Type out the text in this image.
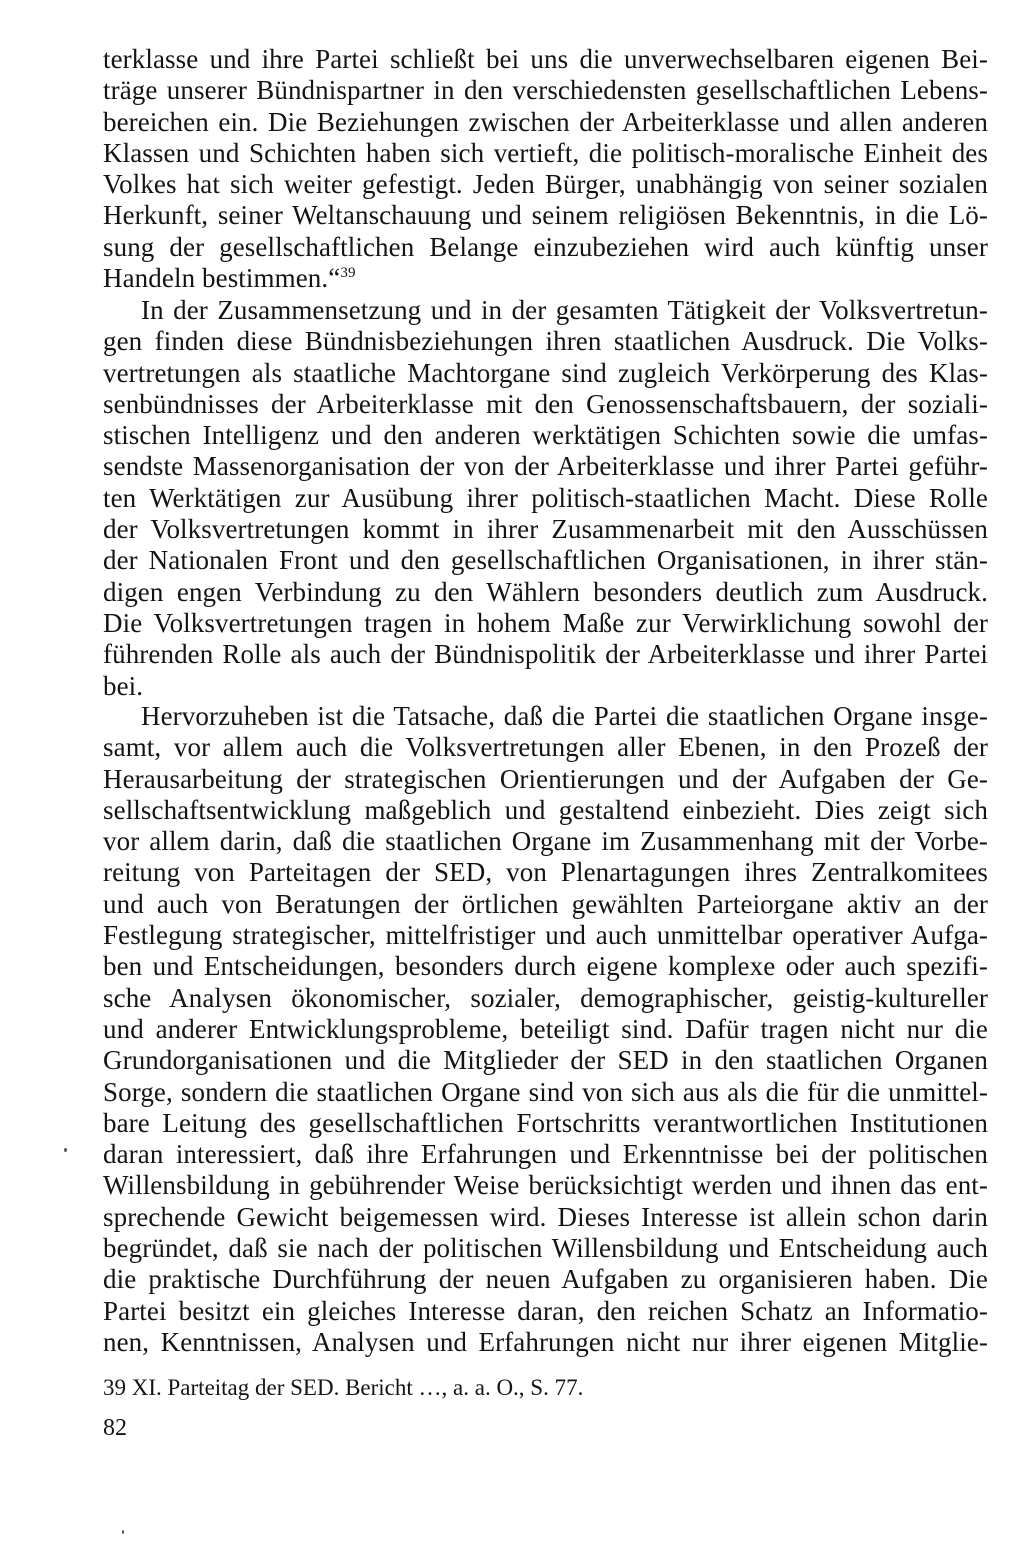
terklasse und ihre Partei schließt bei uns die unverwechselbaren eigenen Bei-
träge unserer Bündnispartner in den verschiedensten gesellschaftlichen Lebens-
bereichen ein. Die Beziehungen zwischen der Arbeiterklasse und allen anderen
Klassen und Schichten haben sich vertieft, die politisch-moralische Einheit des
Volkes hat sich weiter gefestigt. Jeden Bürger, unabhängig von seiner sozialen
Herkunft, seiner Weltanschauung und seinem religiösen Bekenntnis, in die Lö-
sung der gesellschaftlichen Belange einzubeziehen wird auch künftig unser
Handeln bestimmen.“$^{39}$
In der Zusammensetzung und in der gesamten Tätigkeit der Volksvertretun-
gen finden diese Bündnisbeziehungen ihren staatlichen Ausdruck. Die Volks-
vertretungen als staatliche Machtorgane sind zugleich Verkörperung des Klas-
senbündnisses der Arbeiterklasse mit den Genossenschaftsbauern, der soziali-
stischen Intelligenz und den anderen werktätigen Schichten sowie die umfas-
sendste Massenorganisation der von der Arbeiterklasse und ihrer Partei geführ-
ten Werktätigen zur Ausübung ihrer politisch-staatlichen Macht. Diese Rolle
der Volksvertretungen kommt in ihrer Zusammenarbeit mit den Ausschüssen
der Nationalen Front und den gesellschaftlichen Organisationen, in ihrer stän-
digen engen Verbindung zu den Wählern besonders deutlich zum Ausdruck.
Die Volksvertretungen tragen in hohem Maße zur Verwirklichung sowohl der
führenden Rolle als auch der Bündnispolitik der Arbeiterklasse und ihrer Partei
bei.
Hervorzuheben ist die Tatsache, daß die Partei die staatlichen Organe insge-
samt, vor allem auch die Volksvertretungen aller Ebenen, in den Prozeß der
Herausarbeitung der strategischen Orientierungen und der Aufgaben der Ge-
sellschaftsentwicklung maßgeblich und gestaltend einbezieht. Dies zeigt sich
vor allem darin, daß die staatlichen Organe im Zusammenhang mit der Vorbe-
reitung von Parteitagen der SED, von Plenartagungen ihres Zentralkomitees
und auch von Beratungen der örtlichen gewählten Parteiorgane aktiv an der
Festlegung strategischer, mittelfristiger und auch unmittelbar operativer Aufga-
ben und Entscheidungen, besonders durch eigene komplexe oder auch spezifi-
sche Analysen ökonomischer, sozialer, demographischer, geistig-kultureller
und anderer Entwicklungsprobleme, beteiligt sind. Dafür tragen nicht nur die
Grundorganisationen und die Mitglieder der SED in den staatlichen Organen
Sorge, sondern die staatlichen Organe sind von sich aus als die für die unmittel-
bare Leitung des gesellschaftlichen Fortschritts verantwortlichen Institutionen
daran interessiert, daß ihre Erfahrungen und Erkenntnisse bei der politischen
Willensbildung in gebührender Weise berücksichtigt werden und ihnen das ent-
sprechende Gewicht beigemessen wird. Dieses Interesse ist allein schon darin
begründet, daß sie nach der politischen Willensbildung und Entscheidung auch
die praktische Durchführung der neuen Aufgaben zu organisieren haben. Die
Partei besitzt ein gleiches Interesse daran, den reichen Schatz an Informatio-
nen, Kenntnissen, Analysen und Erfahrungen nicht nur ihrer eigenen Mitglie-
39 XI. Parteitag der SED. Bericht …, a. a. O., S. 77.
82
